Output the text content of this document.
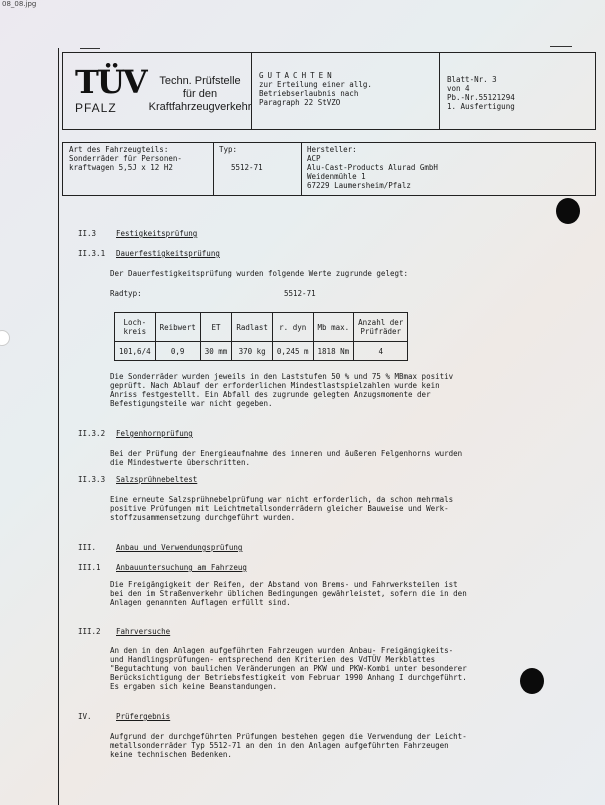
08_08.jpg
TÜV
PFALZ
Techn. Prüfstelle
für den
Kraftfahrzeugverkehr
GUTACHTEN
zur Erteilung einer allg.
Betriebserlaubnis nach
Paragraph 22 StVZO
Blatt-Nr. 3
von 4
Pb.-Nr.55121294
1. Ausfertigung
Art des Fahrzeugteils:
Sonderräder für Personen-
kraftwagen 5,5J x 12 H2
Typ:
5512-71
Hersteller:
ACP
Alu-Cast-Products Alurad GmbH
Weidenmühle 1
67229 Laumersheim/Pfalz
II.3	Festigkeitsprüfung
II.3.1 Dauerfestigkeitsprüfung
Der Dauerfestigkeitsprüfung wurden folgende Werte zugrunde gelegt:
Radtyp:	5512-71
Die Sonderräder wurden jeweils in den Laststufen 50 % und 75 % MBmax positiv
geprüft. Nach Ablauf der erforderlichen Mindestlastspielzahlen wurde kein
Anriss festgestellt. Ein Abfall des zugrunde gelegten Anzugsmomente der
Befestigungsteile war nicht gegeben.
II.3.2 Felgenhornprüfung
Bei der Prüfung der Energieaufnahme des inneren und äußeren Felgenhorns wurden
die Mindestwerte überschritten.
II.3.3 Salzsprühnebeltest
Eine erneute Salzsprühnebelprüfung war nicht erforderlich, da schon mehrmals
positive Prüfungen mit Leichtmetallsonderrädern gleicher Bauweise und Werk-
stoffzusammensetzung durchgeführt wurden.
III.	Anbau und Verwendungsprüfung
III.1 Anbauuntersuchung am Fahrzeug
Die Freigängigkeit der Reifen, der Abstand von Brems- und Fahrwerksteilen ist
bei den im Straßenverkehr üblichen Bedingungen gewährleistet, sofern die in den
Anlagen genannten Auflagen erfüllt sind.
III.2 Fahrversuche
An den in den Anlagen aufgeführten Fahrzeugen wurden Anbau- Freigängigkeits-
und Handlingsprüfungen- entsprechend den Kriterien des VdTÜV Merkblattes
"Begutachtung von baulichen Veränderungen an PKW und PKW-Kombi unter besonderer
Berücksichtigung der Betriebsfestigkeit vom Februar 1990 Anhang I durchgeführt.
Es ergaben sich keine Beanstandungen.
IV.	Prüfergebnis
Aufgrund der durchgeführten Prüfungen bestehen gegen die Verwendung der Leicht-
metallsonderräder Typ 5512-71 an den in den Anlagen aufgeführten Fahrzeugen
keine technischen Bedenken.
Loch-
kreis	Reibwert	ET	Radlast	r. dyn	Mb max.	Anzahl der
Prüfräder
101,6/4	0,9	30 mm	370 kg	0,245 m	1818 Nm	4
